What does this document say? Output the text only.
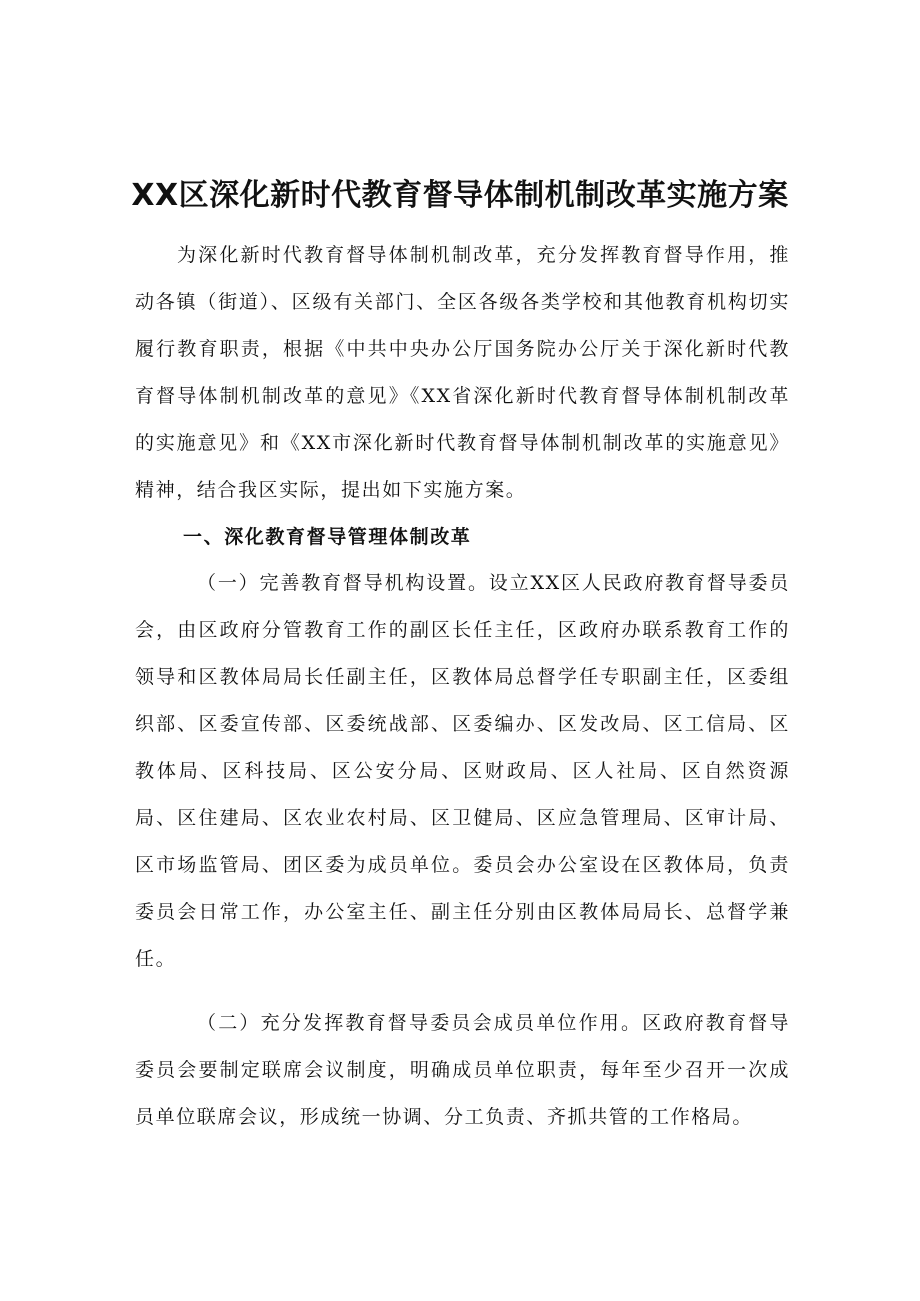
XX区深化新时代教育督导体制机制改革实施方案

为深化新时代教育督导体制机制改革，充分发挥教育督导作用，推动各镇（街道）、区级有关部门、全区各级各类学校和其他教育机构切实履行教育职责，根据《中共中央办公厅国务院办公厅关于深化新时代教育督导体制机制改革的意见》《XX省深化新时代教育督导体制机制改革的实施意见》和《XX市深化新时代教育督导体制机制改革的实施意见》精神，结合我区实际，提出如下实施方案。

一、深化教育督导管理体制改革

（一）完善教育督导机构设置。设立XX区人民政府教育督导委员会，由区政府分管教育工作的副区长任主任，区政府办联系教育工作的领导和区教体局局长任副主任，区教体局总督学任专职副主任，区委组织部、区委宣传部、区委统战部、区委编办、区发改局、区工信局、区教体局、区科技局、区公安分局、区财政局、区人社局、区自然资源局、区住建局、区农业农村局、区卫健局、区应急管理局、区审计局、区市场监管局、团区委为成员单位。委员会办公室设在区教体局，负责委员会日常工作，办公室主任、副主任分别由区教体局局长、总督学兼任。

（二）充分发挥教育督导委员会成员单位作用。区政府教育督导委员会要制定联席会议制度，明确成员单位职责，每年至少召开一次成员单位联席会议，形成统一协调、分工负责、齐抓共管的工作格局。
